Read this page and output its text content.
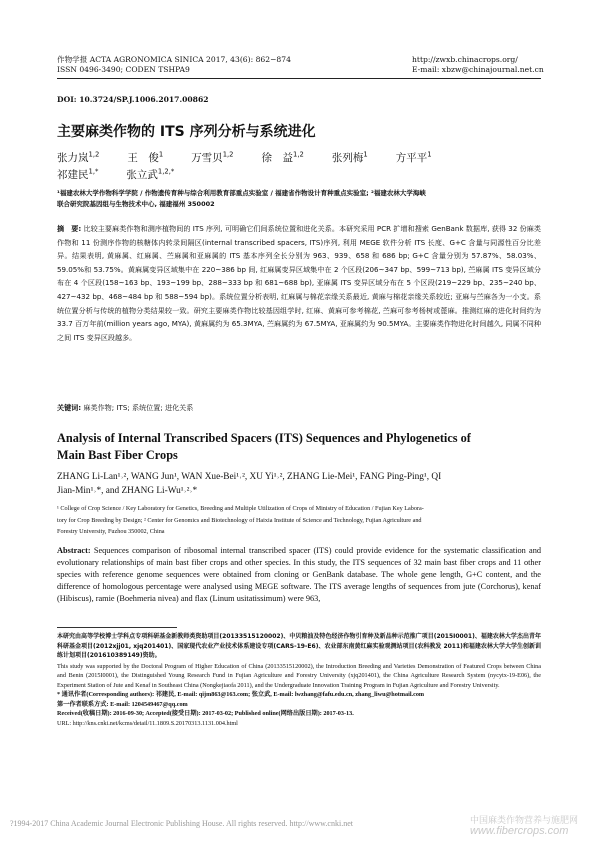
作物学报 ACTA AGRONOMICA SINICA 2017, 43(6): 862−874
ISSN 0496-3490; CODEN TSHPA9
http://zwxb.chinacrops.org/
E-mail: xbzw@chinajournal.net.cn
DOI: 10.3724/SP.J.1006.2017.00862
主要麻类作物的 ITS 序列分析与系统进化
张力岚$^{1,2}$	王　俊$^1$	万雪贝$^{1,2}$	徐　益$^{1,2}$	张列梅$^1$	方平平$^1$
祁建民$^{1,*}$	张立武$^{1,2,*}$
¹福建农林大学作物科学学院 / 作物遗传育种与综合利用教育部重点实验室 / 福建省作物设计育种重点实验室; ²福建农林大学海峡
联合研究院基因组与生物技术中心, 福建福州 350002
摘　要: 比较主要麻类作物和测序植物间的 ITS 序列, 可明确它们间系统位置和进化关系。本研究采用 PCR 扩增和搜索 GenBank 数据库, 获得 32 份麻类作物和 11 份测序作物的核糖体内转录间隔区(internal transcribed spacers, ITS)序列, 利用 MEGE 软件分析 ITS 长度、G+C 含量与同源性百分比差异。结果表明, 黄麻属、红麻属、苎麻属和亚麻属的 ITS 基本序列全长分别为 963、939、658 和 686 bp; G+C 含量分别为 57.87%、58.03%、59.05%和 53.75%。黄麻属变异区域集中在 220~386 bp 间, 红麻属变异区域集中在 2 个区段(206~347 bp、599~713 bp), 苎麻属 ITS 变异区域分布在 4 个区段(158~163 bp、193~199 bp、288~333 bp 和 681~688 bp), 亚麻属 ITS 变异区域分布在 5 个区段(219~229 bp、235~240 bp、427~432 bp、468~484 bp 和 588~594 bp)。系统位置分析表明, 红麻属与棉花亲缘关系最近, 黄麻与棉花亲缘关系较近; 亚麻与苎麻各为一小支。系统位置分析与传统的植物分类结果较一致。研究主要麻类作物比较基因组学时, 红麻、黄麻可参考棉花, 苎麻可参考杨树或蓖麻。推测红麻的进化时间约为 33.7 百万年前(million years ago, MYA), 黄麻属约为 65.3MYA, 苎麻属约为 67.5MYA, 亚麻属约为 90.5MYA。主要麻类作物进化时间越久, 同属不同种之间 ITS 变异区段越多。
关键词: 麻类作物; ITS; 系统位置; 进化关系
Analysis of Internal Transcribed Spacers (ITS) Sequences and Phylogenetics of
Main Bast Fiber Crops
ZHANG Li-Lan¹˒², WANG Jun¹, WAN Xue-Bei¹˒², XU Yi¹˒², ZHANG Lie-Mei¹, FANG Ping-Ping¹, QI
Jian-Min¹˒*, and ZHANG Li-Wu¹˒²˒*
¹ College of Crop Science / Key Laboratory for Genetics, Breeding and Multiple Utilization of Crops of Ministry of Education / Fujian Key Labora-
tory for Crop Breeding by Design; ² Center for Genomics and Biotechnology of Haixia Institute of Science and Technology, Fujian Agriculture and
Forestry University, Fuzhou 350002, China
Abstract: Sequences comparison of ribosomal internal transcribed spacer (ITS) could provide evidence for the systematic classification and evolutionary relationships of main bast fiber crops and other species. In this study, the ITS sequences of 32 main bast fiber crops and 11 other species with reference genome sequences were obtained from cloning or GenBank database. The whole gene length, G+C content, and the difference of homologous percentage were analysed using MEGE software. The ITS average lengths of sequences from jute (Corchorus), kenaf (Hibiscus), ramie (Boehmeria nivea) and flax (Linum usitatissimum) were 963,

本研究由高等学校博士学科点专项科研基金新教师类资助项目(20133515120002)、中贝粮油及特色经济作物引育种及新品种示范推广项目(2015I0001)、福建农林大学杰出青年科研基金项目(2012xjj01, xjq201401)、国家现代农业产业技术体系建设专项(CARS-19-E6)、农业部东南黄红麻实验观测站项目(农科教发 2011)和福建农林大学大学生创新训练计划项目(201610389149)资助。

This study was supported by the Doctoral Program of Higher Education of China (20133515120002), the Introduction Breeding and Varieties Demonstration of Featured Crops between China and Benin (2015I0001), the Distinguished Young Research Fund in Fujian Agriculture and Forestry University (xjq201401), the China Agriculture Research System (nycytx-19-E06), the Experiment Station of Jute and Kenaf in Southeast China (Nongkejiaofa 2011), and the Undergraduate Innovation Training Program in Fujian Agriculture and Forestry University.

* 通讯作者(Corresponding authors): 祁建民, E-mail: qijm863@163.com; 张立武, E-mail: lwzhang@fafu.edu.cn, zhang_liwu@hotmail.com

第一作者联系方式: E-mail: 1204549467@qq.com

Received(收稿日期): 2016-09-30; Accepted(接受日期): 2017-03-02; Published online(网络出版日期): 2017-03-13.

URL: http://kns.cnki.net/kcms/detail/11.1809.S.20170313.1131.004.html

?1994-2017 China Academic Journal Electronic Publishing House. All rights reserved. http://www.cnki.net	中国麻类作物营养与施肥网
www.fibercrops.com
